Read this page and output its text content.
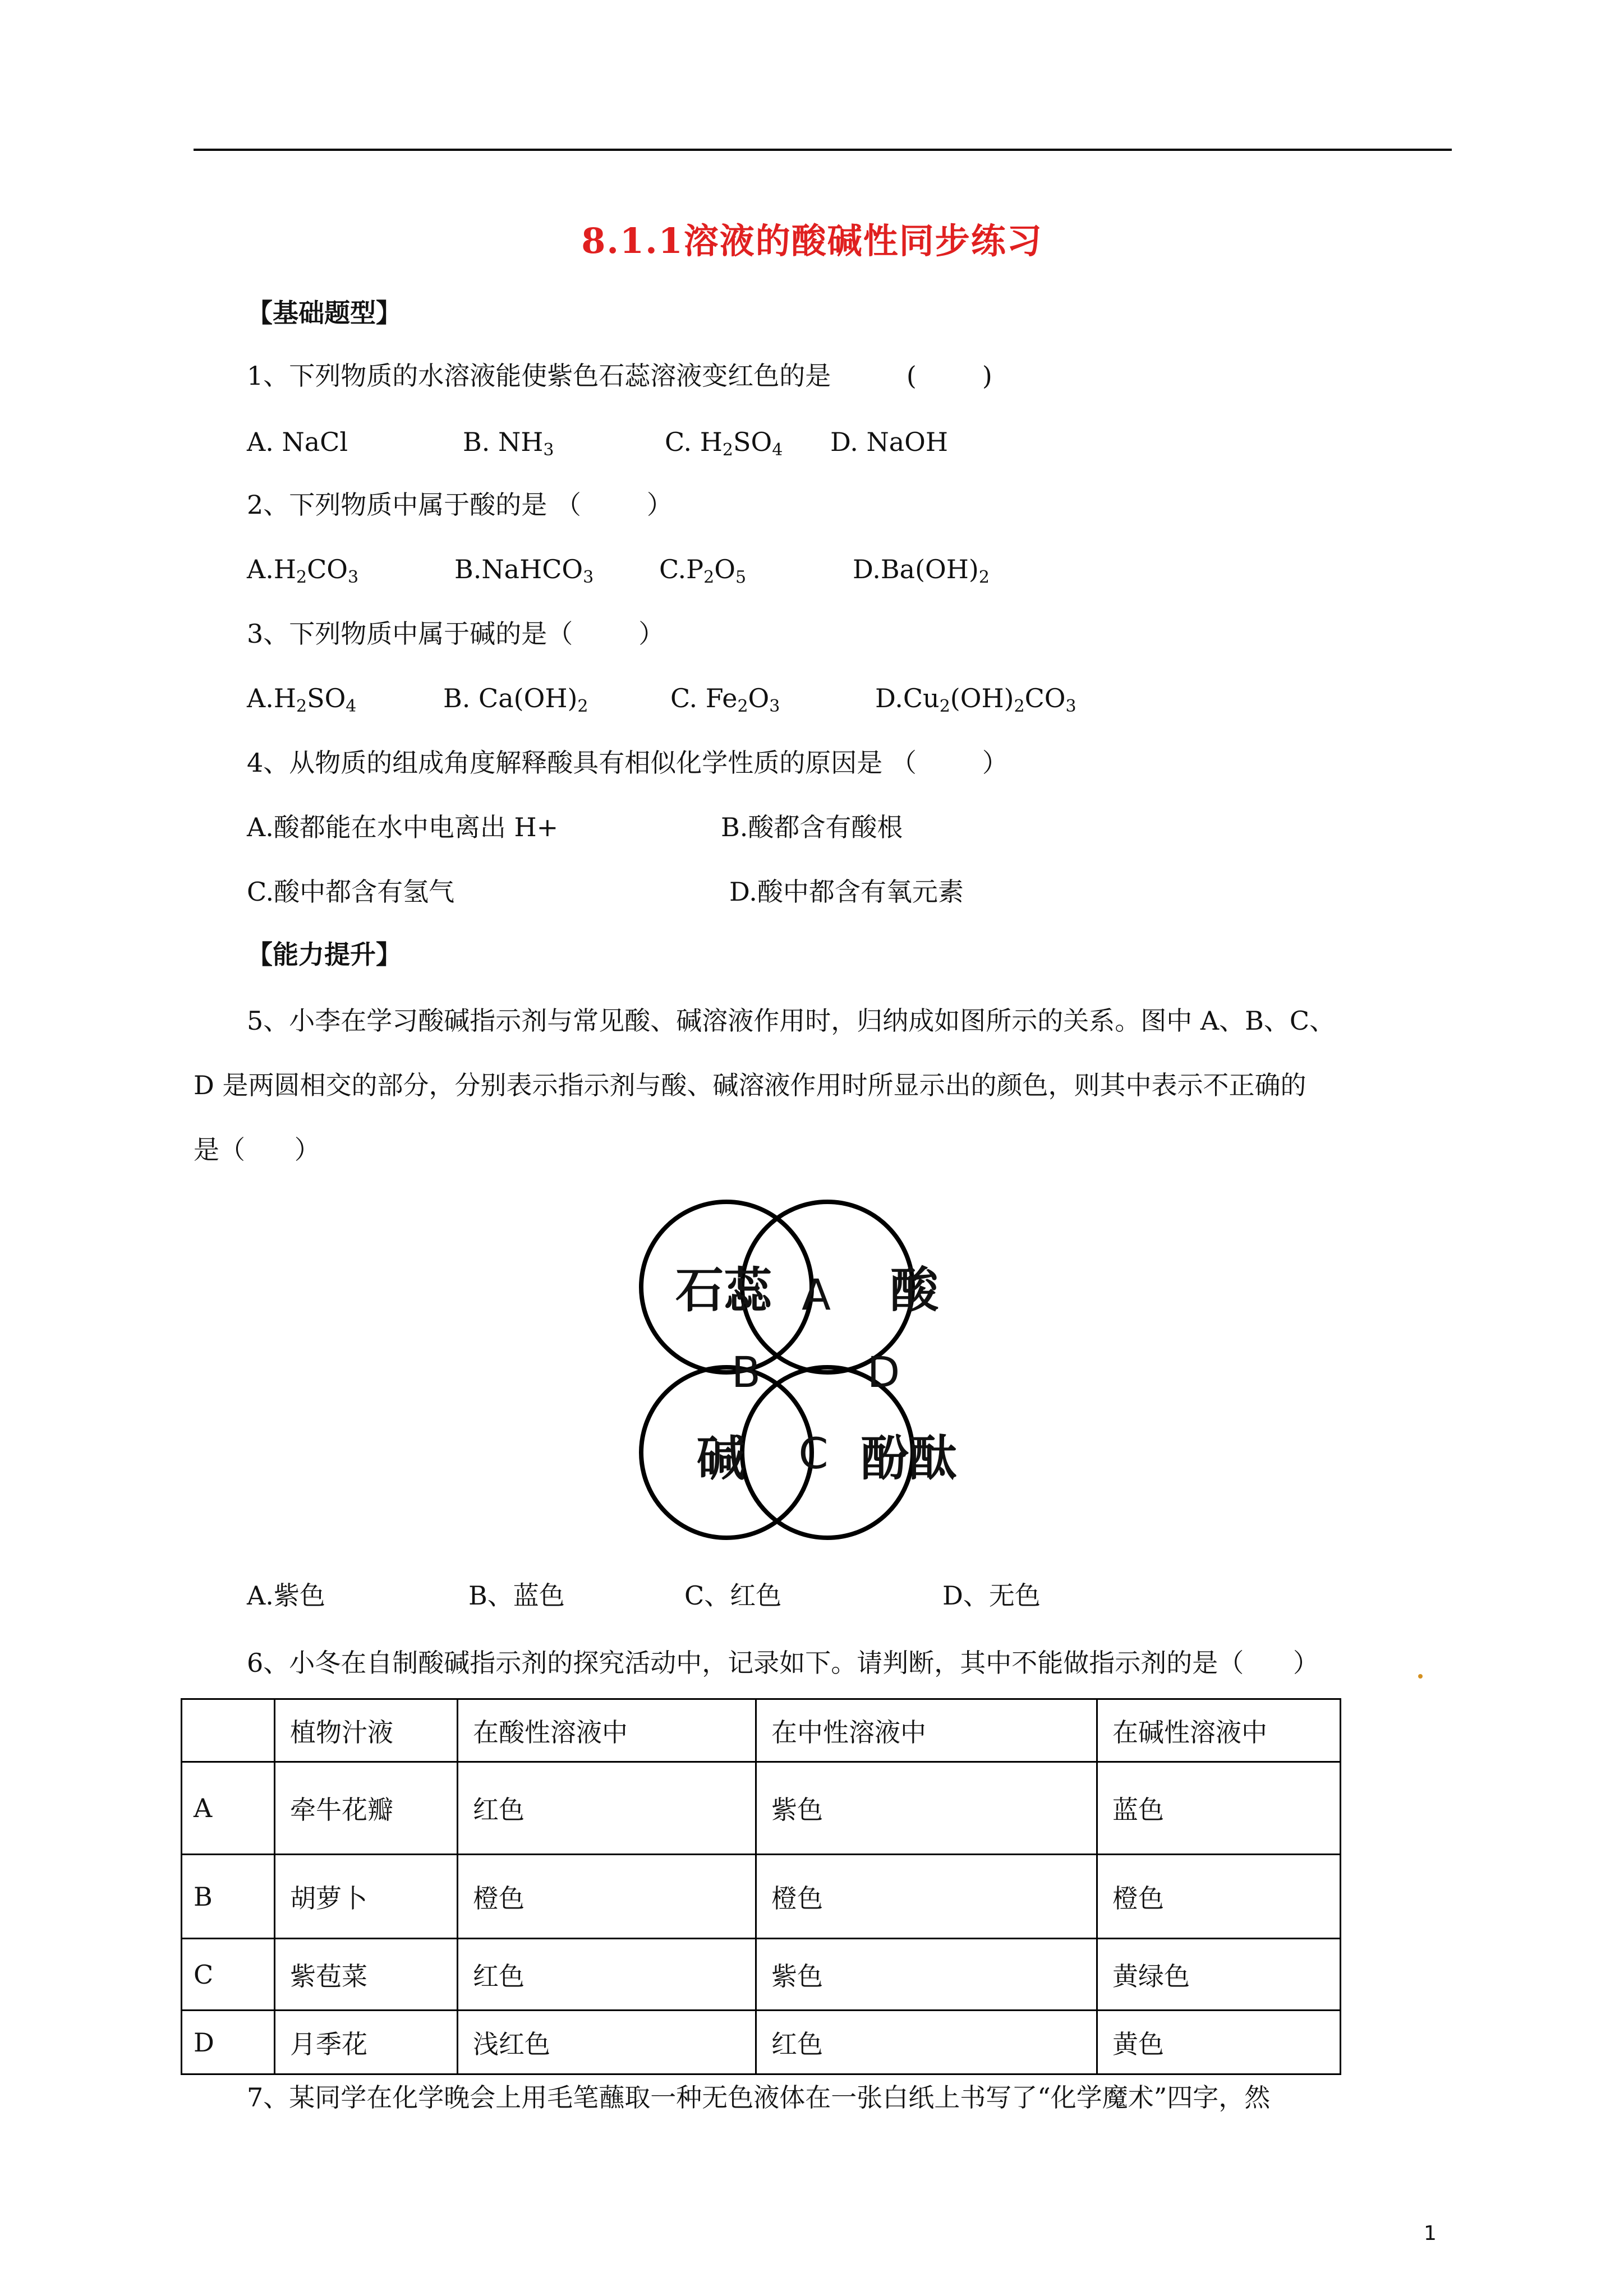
8.1.1溶液的酸碱性同步练习
【基础题型】
1、下列物质的水溶液能使紫色石蕊溶液变红色的是	(        )
A. NaCl	B. $NH_3$	C. $H_2SO_4$ D. NaOH
2、下列物质中属于酸的是 （        ）
$A.H_2CO_3$	B.NaHCO$_3$	$C.P_2O_5$	$D.Ba(OH)_2$
3、下列物质中属于碱的是（        ）
$A.H_2SO_4$	B. $Ca(OH)_2$	C. $Fe_2O_3$	$D.Cu_2(OH)_2CO_3$
4、从物质的组成角度解释酸具有相似化学性质的原因是 （        ）
A.酸都能在水中电离出 H+	B.酸都含有酸根
C.酸中都含有氢气	D.酸中都含有氧元素
【能力提升】
5、小李在学习酸碱指示剂与常见酸、碱溶液作用时，归纳成如图所示的关系。图中 A、B、C、
D 是两圆相交的部分，分别表示指示剂与酸、碱溶液作用时所显示出的颜色，则其中表示不正确的
是（      ）
石蕊 酸
碱 酚酞
A
B D
C
A.紫色	B、蓝色	C、红色	D、无色
6、小冬在自制酸碱指示剂的探究活动中，记录如下。请判断，其中不能做指示剂的是（      ）
	植物汁液	在酸性溶液中	在中性溶液中	在碱性溶液中
A	牵牛花瓣	红色	紫色	蓝色
B	胡萝卜	橙色	橙色	橙色
C	紫苞菜	红色	紫色	黄绿色
D	月季花	浅红色	红色	黄色
7、某同学在化学晚会上用毛笔蘸取一种无色液体在一张白纸上书写了“化学魔术”四字，然
1
